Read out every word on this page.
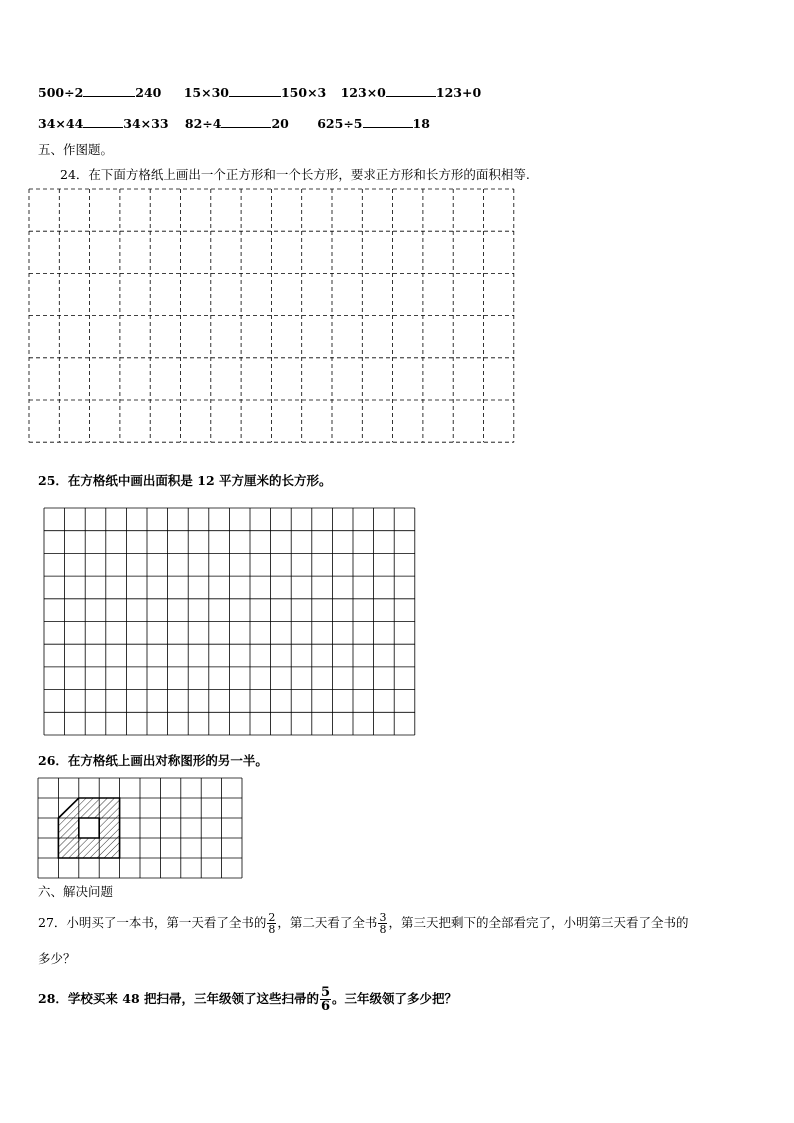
500÷2	240
15×30	150×3
123×0	123+0
34×44	34×33
82÷4	20
625÷5	18
五、作图题。
24．在下面方格纸上画出一个正方形和一个长方形，要求正方形和长方形的面积相等.
25．在方格纸中画出面积是 12 平方厘米的长方形。
26．在方格纸上画出对称图形的另一半。
六、解决问题
27．小明买了一本书，第一天看了全书的 $\frac{2}{8}$ ，第二天看了全书 $\frac{3}{8}$ ，第三天把剩下的全部看完了，小明第三天看了全书的
多少？
28．学校买来 48 把扫帚，三年级领了这些扫帚的 $\frac{5}{6}$ 。三年级领了多少把？
